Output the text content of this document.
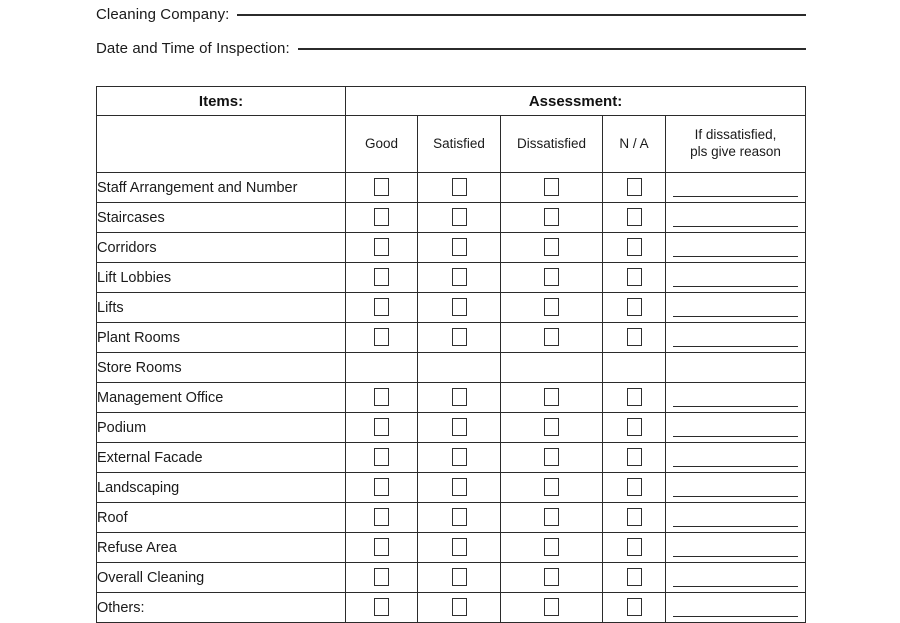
Cleaning Company:
Date and Time of Inspection:
Items:	Assessment:				
	Good	Satisfied	Dissatisfied	N / A	If dissatisfied,
pls give reason

Staff Arrangement and Number					

Staircases					

Corridors					

Lift Lobbies					

Lifts					

Plant Rooms					

Store Rooms					
Management Office					

Podium					

External Facade					

Landscaping					

Roof					

Refuse Area					

Overall Cleaning					

Others:					
